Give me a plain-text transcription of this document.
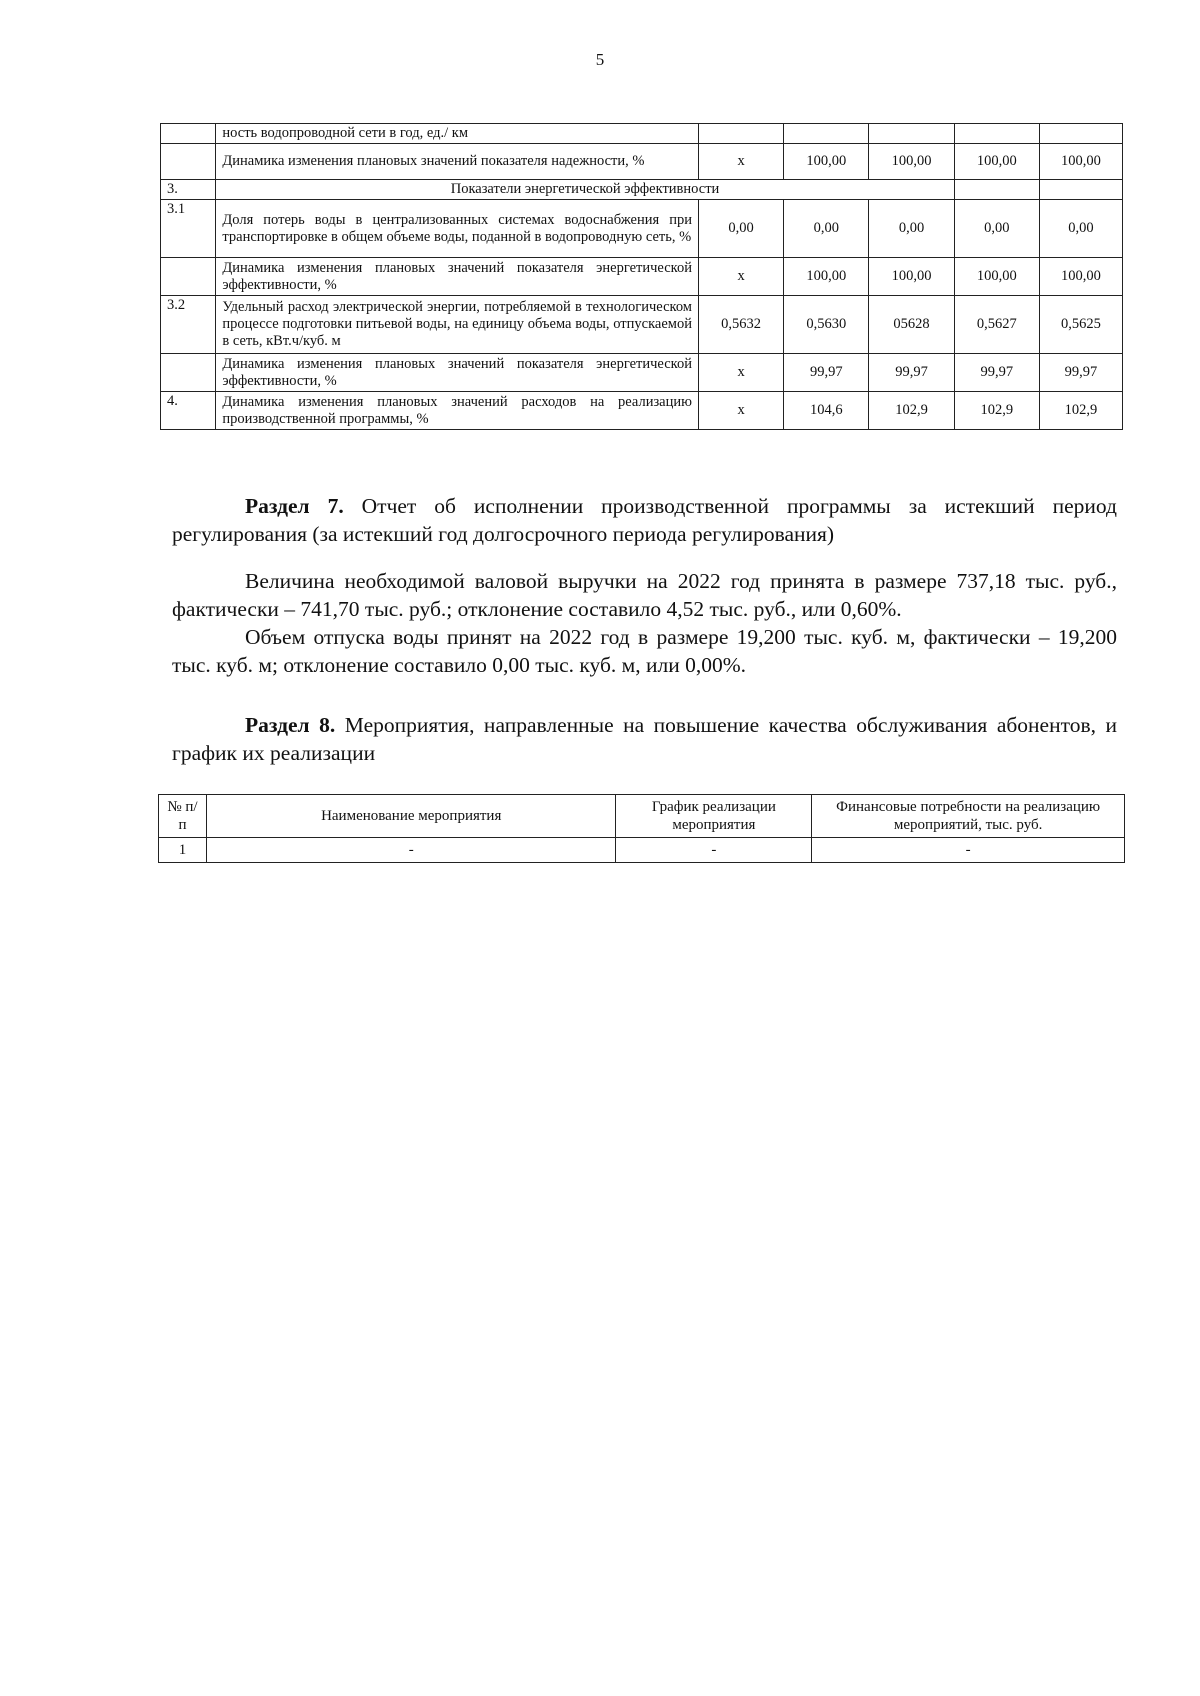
5
	ность водопроводной сети в год, ед./ км					
	Динамика изменения плановых значений показателя надежности, %	х	100,00	100,00	100,00	100,00
3.	Показатели энергетической эффективности					
3.1	Доля потерь воды в централизованных системах водоснабжения при транспортировке в общем объеме воды, поданной в водопроводную сеть, %	0,00	0,00	0,00	0,00	0,00
	Динамика изменения плановых значений показателя энергетической эффективности, %	х	100,00	100,00	100,00	100,00
3.2	Удельный расход электрической энергии, потребляемой в технологическом процессе подготовки питьевой воды, на единицу объема воды, отпускаемой в сеть, кВт.ч/куб. м	0,5632	0,5630	05628	0,5627	0,5625
	Динамика изменения плановых значений показателя энергетической эффективности, %	х	99,97	99,97	99,97	99,97
4.	Динамика изменения плановых значений расходов на реализацию производственной программы, %	х	104,6	102,9	102,9	102,9

Раздел 7. Отчет об исполнении производственной программы за истекший период регулирования (за истекший год долгосрочного периода регулирования)

Величина необходимой валовой выручки на 2022 год принята в размере 737,18 тыс. руб., фактически – 741,70 тыс. руб.; отклонение составило 4,52 тыс. руб., или 0,60%.

Объем отпуска воды принят на 2022 год в размере 19,200 тыс. куб. м, фактически – 19,200 тыс. куб. м; отклонение составило 0,00 тыс. куб. м, или 0,00%.

Раздел 8. Мероприятия, направленные на повышение качества обслуживания абонентов, и график их реализации

№ п/п	Наименование мероприятия	График реализации мероприятия	Финансовые потребности на реализацию мероприятий, тыс. руб.
1	-	-	-
